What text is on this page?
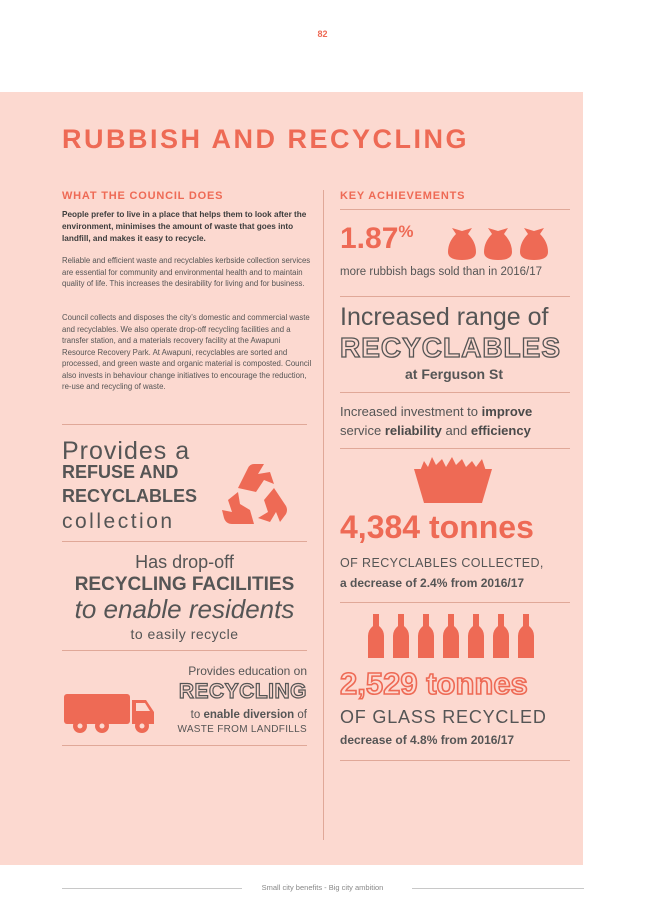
82
RUBBISH AND RECYCLING
WHAT THE COUNCIL DOES
People prefer to live in a place that helps them to look after the environment, minimises the amount of waste that goes into landfill, and makes it easy to recycle.
Reliable and efficient waste and recyclables kerbside collection services are essential for community and environmental health and to maintain quality of life. This increases the desirability for living and for business.
Council collects and disposes the city’s domestic and commercial waste and recyclables. We also operate drop-off recycling facilities and a transfer station, and a materials recovery facility at the Awapuni Resource Recovery Park. At Awapuni, recyclables are sorted and processed, and green waste and organic material is composted. Council also invests in behaviour change initiatives to encourage the reduction, re-use and recycling of waste.
Provides a
REFUSE AND
RECYCLABLES
collection
Has drop-off
RECYCLING FACILITIES
to enable residents
to easily recycle
Provides education on
RECYCLING
to enable diversion of
WASTE FROM LANDFILLS
KEY ACHIEVEMENTS
1.87%
more rubbish bags sold than in 2016/17
Increased range of
RECYCLABLES
at Ferguson St
Increased investment to improve
service reliability and efficiency
4,384 tonnes
OF RECYCLABLES COLLECTED,
a decrease of 2.4% from 2016/17
2,529 tonnes
OF GLASS RECYCLED
decrease of 4.8% from 2016/17
Small city benefits - Big city ambition
